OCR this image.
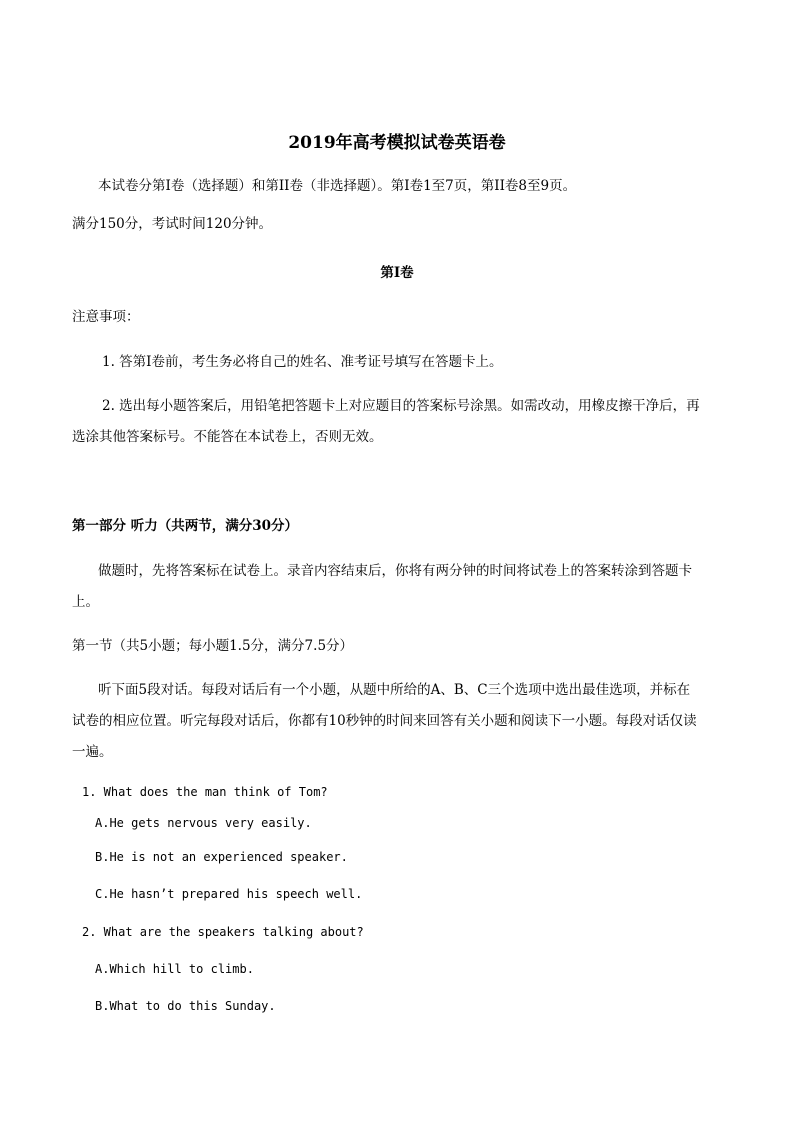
2019年高考模拟试卷英语卷
本试卷分第Ⅰ卷（选择题）和第ⅠI卷（非选择题）。第Ⅰ卷1至7页，第ⅠI卷8至9页。
满分150分，考试时间120分钟。
第Ⅰ卷
注意事项：
1. 答第Ⅰ卷前，考生务必将自己的姓名、准考证号填写在答题卡上。
2. 选出每小题答案后，用铅笔把答题卡上对应题目的答案标号涂黑。如需改动，用橡皮擦干净后，再
选涂其他答案标号。不能答在本试卷上，否则无效。
第一部分 听力（共两节，满分30分）
做题时，先将答案标在试卷上。录音内容结束后，你将有两分钟的时间将试卷上的答案转涂到答题卡
上。
第一节（共5小题；每小题1.5分，满分7.5分）
听下面5段对话。每段对话后有一个小题，从题中所给的A、B、C三个选项中选出最佳选项，并标在
试卷的相应位置。听完每段对话后，你都有10秒钟的时间来回答有关小题和阅读下一小题。每段对话仅读
一遍。
1. What does the man think of Tom?
A.He gets nervous very easily.
B.He is not an experienced speaker.
C.He hasn’t prepared his speech well.
2. What are the speakers talking about?
A.Which hill to climb.
B.What to do this Sunday.
